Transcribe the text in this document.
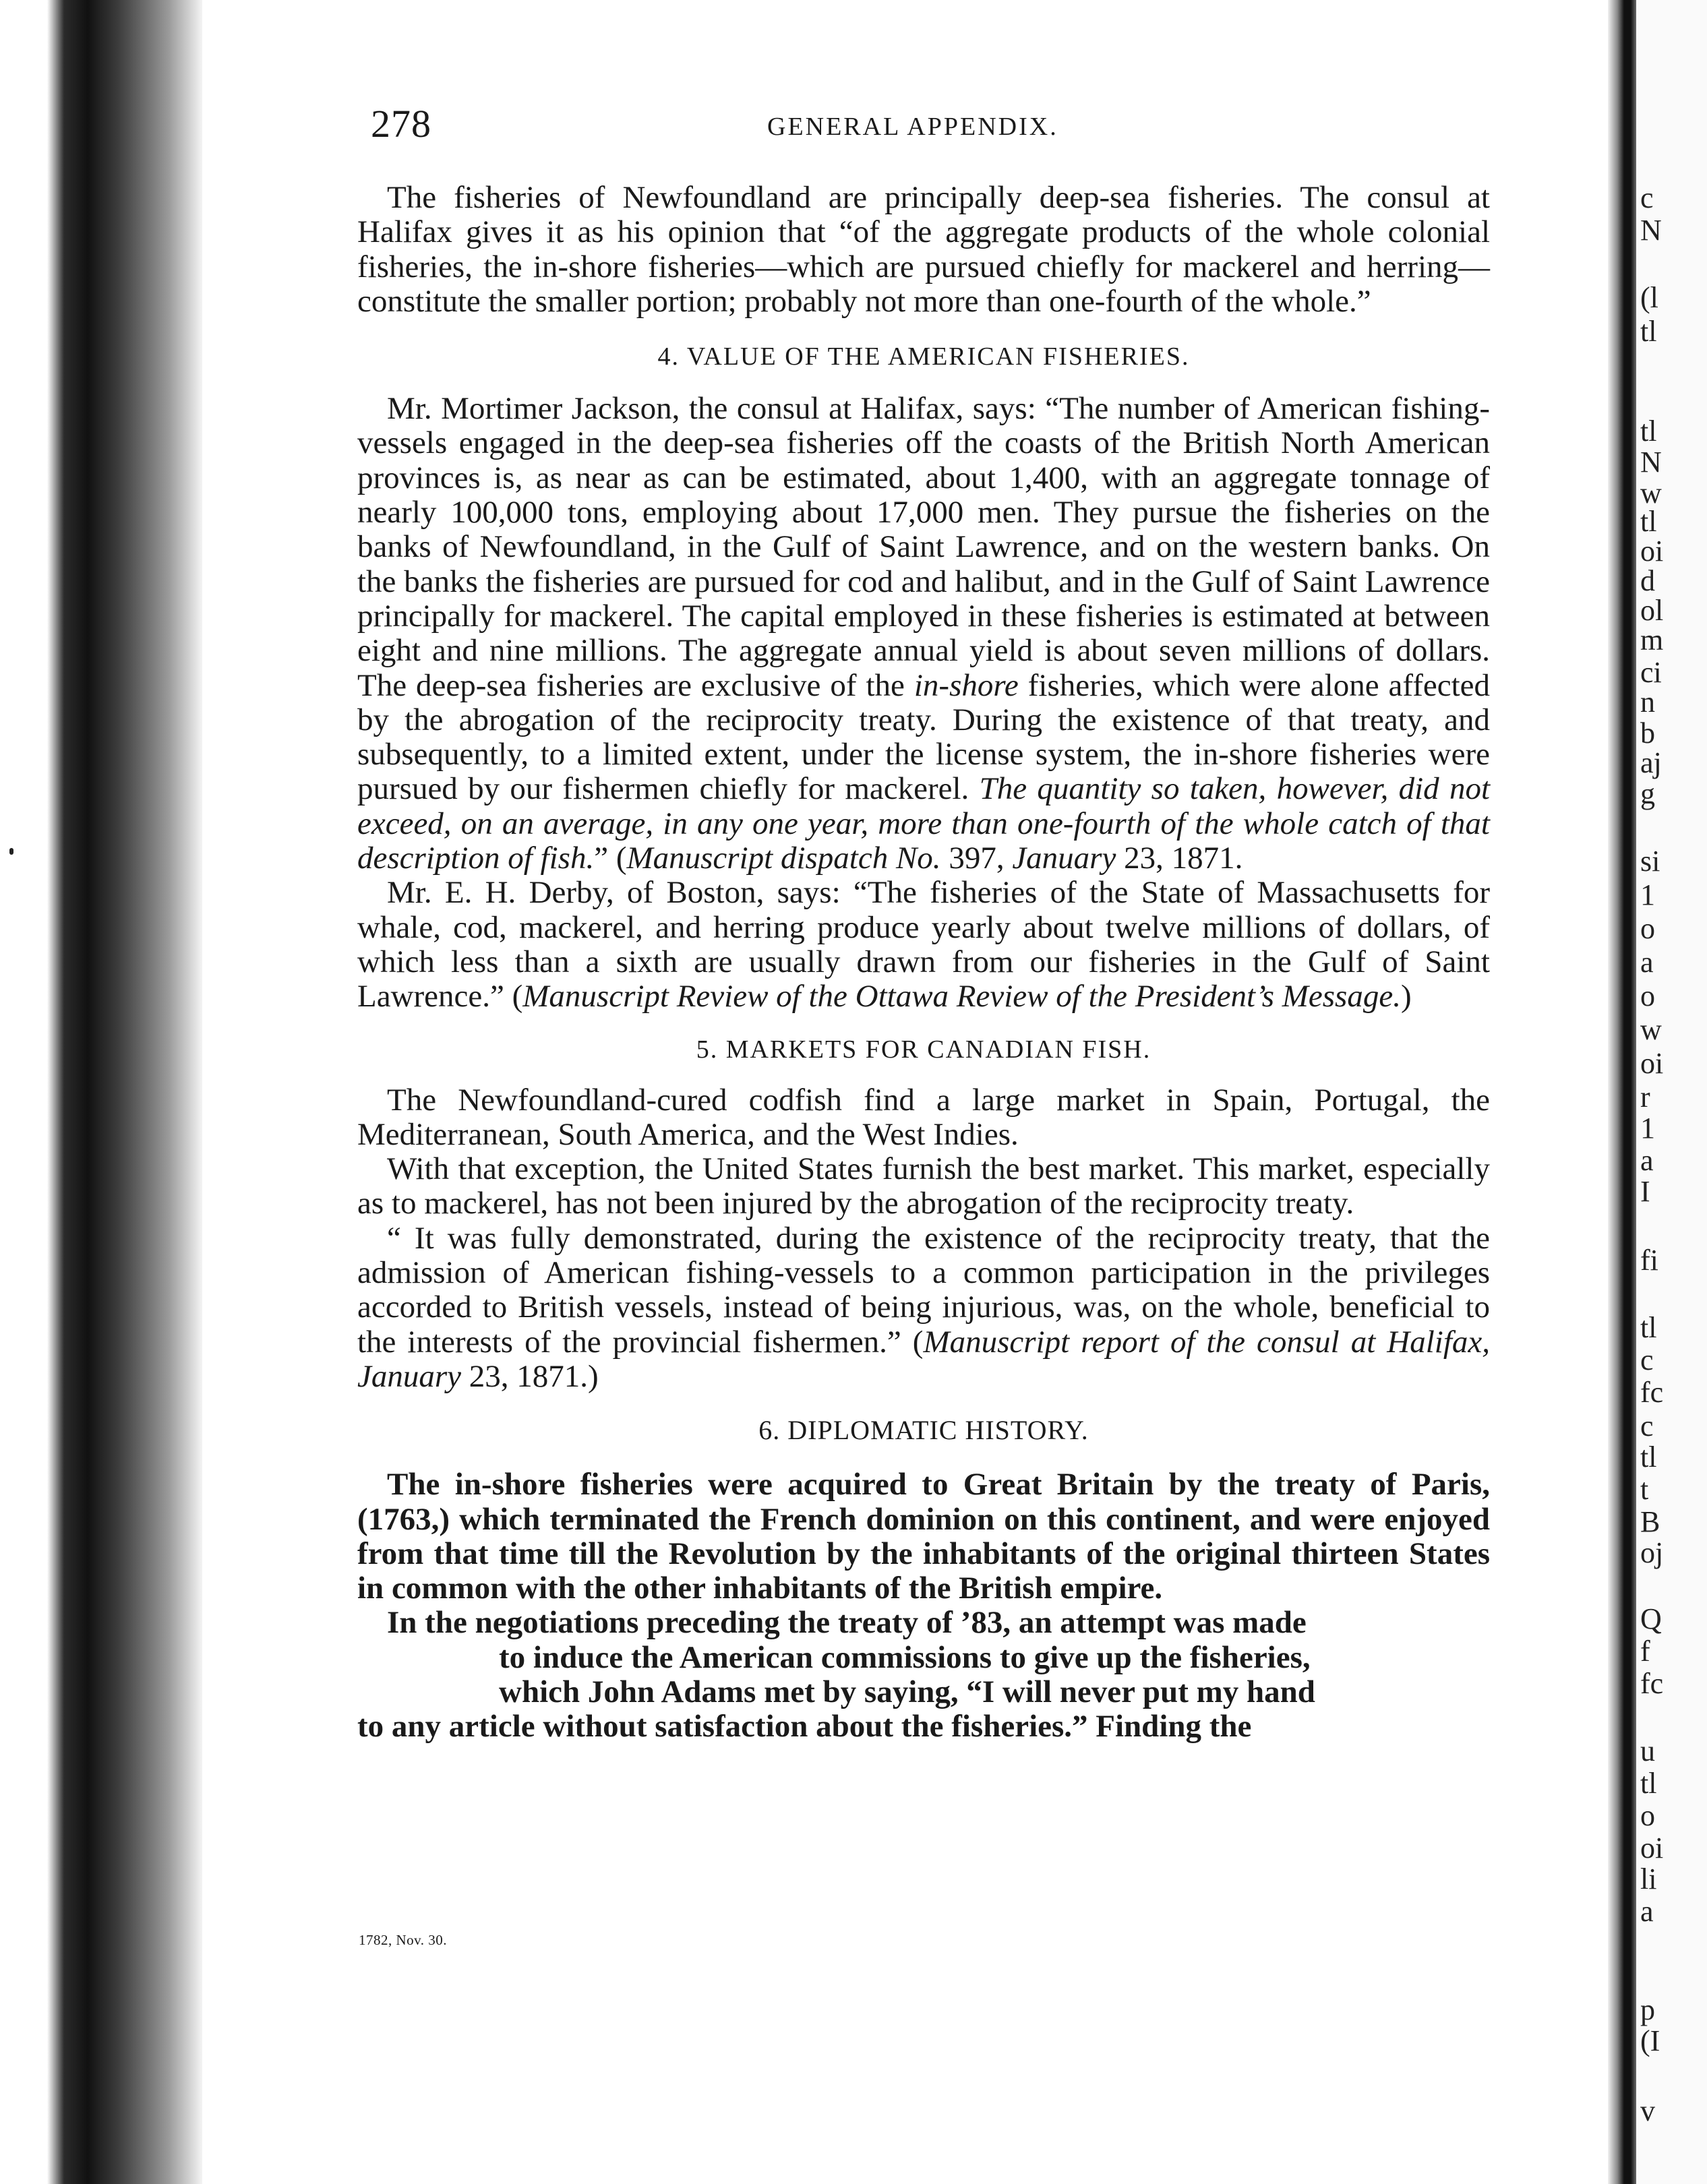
c
N
(l
tl
tl
N
w
tl
oi
d
ol
m
ci
n
b
aj
g
si
1
o
a
o
w
oi
r
1
a
I
fi
tl
c
fc
c
tl
t
B
oj
Q
f
fc
u
tl
o
oi
li
a
p
(I
v
278	GENERAL APPENDIX.

The fisheries of Newfoundland are principally deep-sea fisheries. The consul at Halifax gives it as his opinion that “of the aggregate products of the whole colonial fisheries, the in-shore fisheries—which are pursued chiefly for mackerel and herring—constitute the smaller portion; probably not more than one-fourth of the whole.”

4. VALUE OF THE AMERICAN FISHERIES.

Mr. Mortimer Jackson, the consul at Halifax, says: “The number of American fishing-vessels engaged in the deep-sea fisheries off the coasts of the British North American provinces is, as near as can be estimated, about 1,400, with an aggregate tonnage of nearly 100,000 tons, employing about 17,000 men. They pursue the fisheries on the banks of Newfoundland, in the Gulf of Saint Lawrence, and on the western banks. On the banks the fisheries are pursued for cod and halibut, and in the Gulf of Saint Lawrence principally for mackerel. The capital employed in these fisheries is estimated at between eight and nine millions. The aggregate annual yield is about seven millions of dollars. The deep-sea fisheries are exclusive of the in-shore fisheries, which were alone affected by the abrogation of the reciprocity treaty. During the existence of that treaty, and subsequently, to a limited extent, under the license system, the in-shore fisheries were pursued by our fishermen chiefly for mackerel. The quantity so taken, however, did not exceed, on an average, in any one year, more than one-fourth of the whole catch of that description of fish.” (Manuscript dispatch No. 397, January 23, 1871.

Mr. E. H. Derby, of Boston, says: “The fisheries of the State of Massachusetts for whale, cod, mackerel, and herring produce yearly about twelve millions of dollars, of which less than a sixth are usually drawn from our fisheries in the Gulf of Saint Lawrence.” (Manuscript Review of the Ottawa Review of the President’s Message.)

5. MARKETS FOR CANADIAN FISH.

The Newfoundland-cured codfish find a large market in Spain, Portugal, the Mediterranean, South America, and the West Indies.

With that exception, the United States furnish the best market. This market, especially as to mackerel, has not been injured by the abrogation of the reciprocity treaty.

“ It was fully demonstrated, during the existence of the reciprocity treaty, that the admission of American fishing-vessels to a common participation in the privileges accorded to British vessels, instead of being injurious, was, on the whole, beneficial to the interests of the provincial fishermen.” (Manuscript report of the consul at Halifax, January 23, 1871.)

6. DIPLOMATIC HISTORY.

The in-shore fisheries were acquired to Great Britain by the treaty of Paris, (1763,) which terminated the French dominion on this continent, and were enjoyed from that time till the Revolution by the inhabitants of the original thirteen States in common with the other inhabitants of the British empire.

In the negotiations preceding the treaty of ’83, an attempt was made

to induce the American commissions to give up the fisheries,

which John Adams met by saying, “I will never put my hand

to any article without satisfaction about the fisheries.” Finding the

1782, Nov. 30.
